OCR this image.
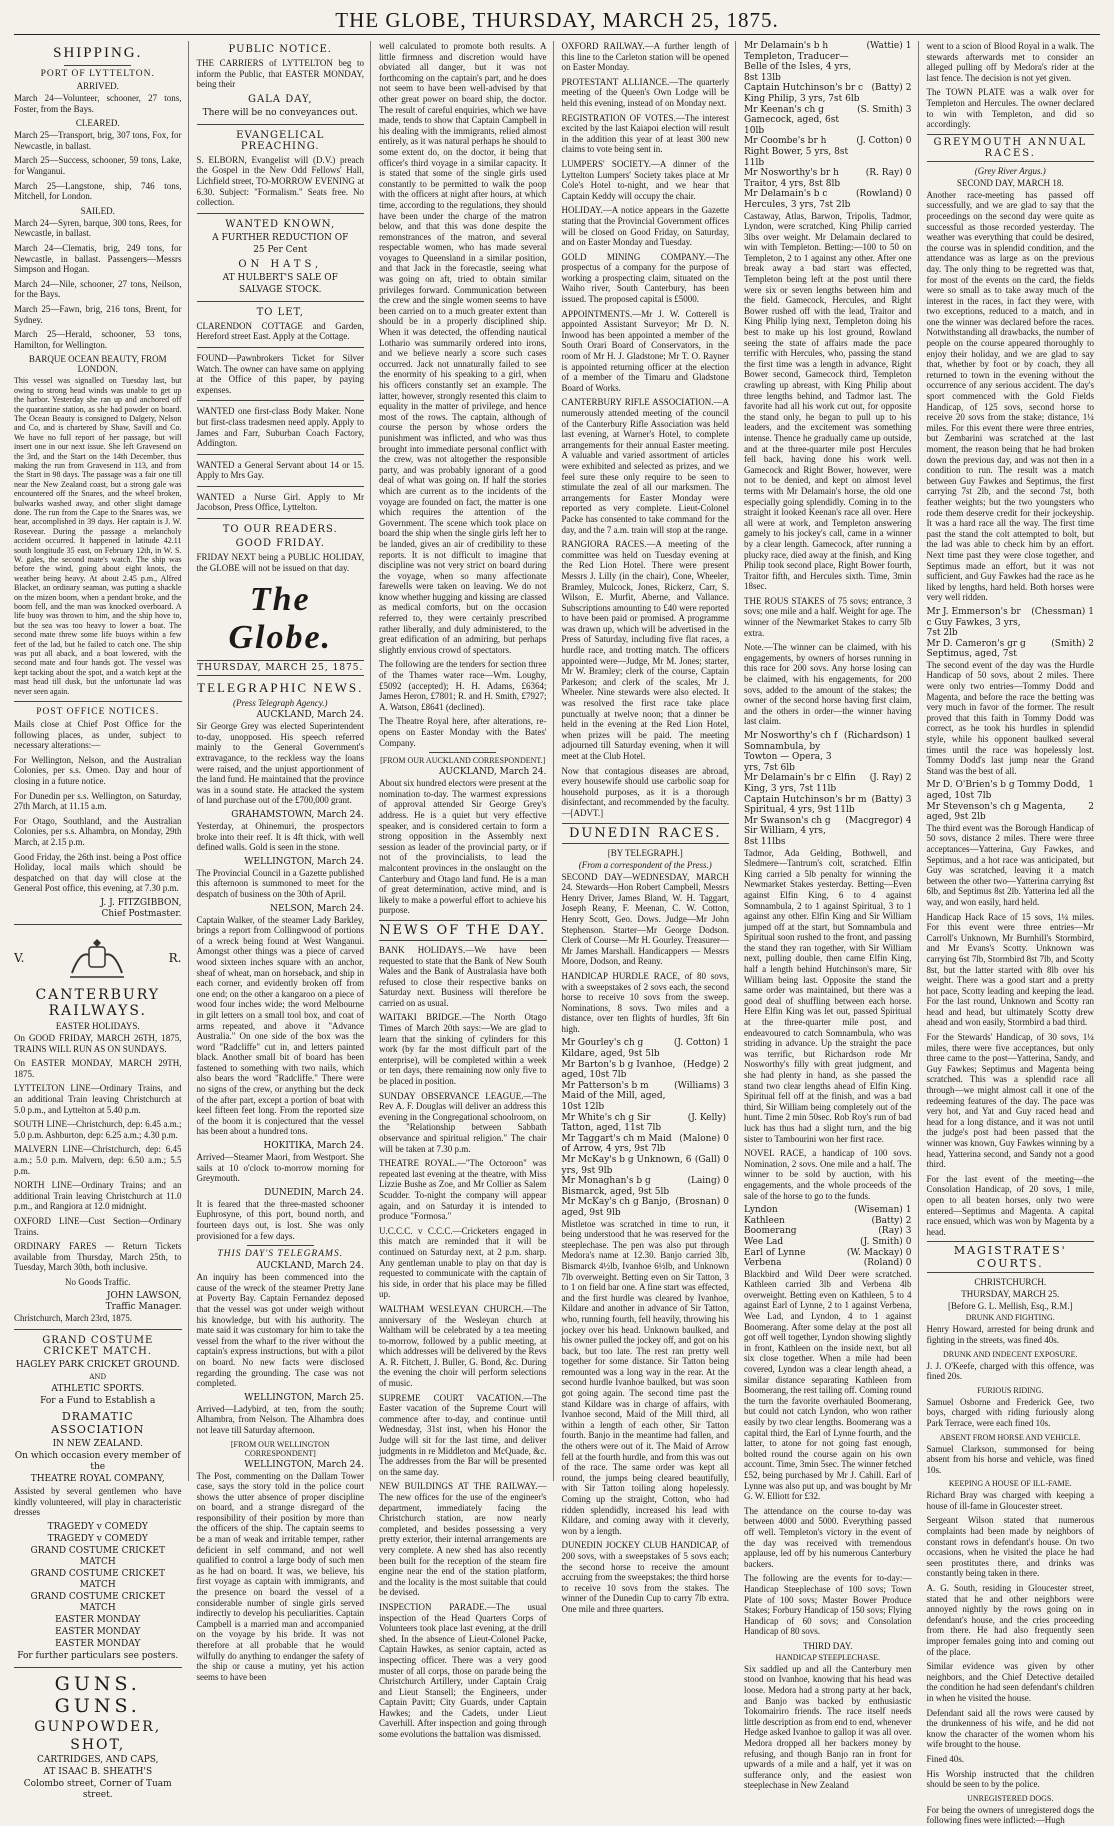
THE GLOBE, THURSDAY, MARCH 25, 1875.
SHIPPING.
PORT OF LYTTELTON.
ARRIVED.

March 24—Volunteer, schooner, 27 tons, Foster, from the Bays.

CLEARED.

March 25—Transport, brig, 307 tons, Fox, for Newcastle, in ballast.

March 25—Success, schooner, 59 tons, Lake, for Wanganui.

March 25—Langstone, ship, 746 tons, Mitchell, for London.

SAILED.

March 24—Syren, barque, 300 tons, Rees, for Newcastle, in ballast.

March 24—Clematis, brig, 249 tons, for Newcastle, in ballast. Passengers—Messrs Simpson and Hogan.

March 24—Nile, schooner, 27 tons, Neilson, for the Bays.

March 25—Fawn, brig, 216 tons, Brent, for Sydney.

March 25—Herald, schooner, 53 tons, Hamilton, for Wellington.

BARQUE OCEAN BEAUTY, FROM LONDON.

This vessel was signalled on Tuesday last, but owing to strong head winds was unable to get up the harbor. Yesterday she ran up and anchored off the quarantine station, as she had powder on board. The Ocean Beauty is consigned to Dalgety, Nelson and Co, and is chartered by Shaw, Savill and Co. We have no full report of her passage, but will insert one in our next issue. She left Gravesend on the 3rd, and the Start on the 14th December, thus making the run from Gravesend in 113, and from the Start in 98 days. The passage was a fair one till near the New Zealand coast, but a strong gale was encountered off the Snares, and the wheel broken, bulwarks washed away, and other slight damage done. The run from the Cape to the Snares was, we hear, accomplished in 39 days. Her captain is J. W. Rosevear. During the passage a melancholy accident occurred. It happened in latitude 42.11 south longitude 35 east, on February 12th, in W. S. W. gales, the second mate's watch. The ship was before the wind, going about eight knots, the weather being heavy. At about 2.45 p.m., Alfred Blacket, an ordinary seaman, was putting a shackle on the mizen boom, when a pendant broke, and the boom fell, and the man was knocked overboard. A life buoy was thrown to him, and the ship hove to, but the sea was too heavy to lower a boat. The second mate threw some life buoys within a few feet of the lad, but he failed to catch one. The ship was put all aback, and a boat lowered, with the second mate and four hands got. The vessel was kept tacking about the spot, and a watch kept at the mast head till dusk, but the unfortunate lad was never seen again.

POST OFFICE NOTICES.

Mails close at Chief Post Office for the following places, as under, subject to necessary alterations:—

For Wellington, Nelson, and the Australian Colonies, per s.s. Omeo. Day and hour of closing in a future notice.

For Dunedin per s.s. Wellington, on Saturday, 27th March, at 11.15 a.m.

For Otago, Southland, and the Australian Colonies, per s.s. Alhambra, on Monday, 29th March, at 2.15 p.m.

Good Friday, the 26th inst. being a Post office Holiday, local mails which should be despatched on that day will close at the General Post office, this evening, at 7.30 p.m.

J. J. FITZGIBBON,
Chief Postmaster.
V.	R.
CANTERBURY RAILWAYS.
EASTER HOLIDAYS.

On GOOD FRIDAY, MARCH 26TH, 1875, TRAINS WILL RUN AS ON SUNDAYS.

On EASTER MONDAY, MARCH 29TH, 1875.

LYTTELTON LINE—Ordinary Trains, and an additional Train leaving Christchurch at 5.0 p.m., and Lyttelton at 5.40 p.m.

SOUTH LINE—Christchurch, dep: 6.45 a.m.; 5.0 p.m. Ashburton, dep: 6.25 a.m.; 4.30 p.m.

MALVERN LINE—Christchurch, dep: 6.45 a.m.; 5.0 p.m. Malvern, dep: 6.50 a.m.; 5.5 p.m.

NORTH LINE—Ordinary Trains; and an additional Train leaving Christchurch at 11.0 p.m., and Rangiora at 12.0 midnight.

OXFORD LINE—Cust Section—Ordinary Trains.

ORDINARY FARES — Return Tickets available from Thursday, March 25th, to Tuesday, March 30th, both inclusive.

No Goods Traffic.

JOHN LAWSON,
Traffic Manager.

Christchurch, March 23rd, 1875.

GRAND COSTUME CRICKET MATCH.
HAGLEY PARK CRICKET GROUND.
AND
ATHLETIC SPORTS.
For a Fund to Establish a
DRAMATIC ASSOCIATION
IN NEW ZEALAND.
On which occasion every member of the
THEATRE ROYAL COMPANY,

Assisted by several gentlemen who have kindly volunteered, will play in characteristic dresses

TRAGEDY v COMEDY
TRAGEDY v COMEDY
GRAND COSTUME CRICKET MATCH
GRAND COSTUME CRICKET MATCH
GRAND COSTUME CRICKET MATCH
EASTER MONDAY
EASTER MONDAY
EASTER MONDAY
For further particulars see posters.
GUNS. GUNS.
GUNPOWDER,
SHOT,
CARTRIDGES, AND CAPS,
AT ISAAC B. SHEATH'S
Colombo street, Corner of Tuam street.
PUBLIC NOTICE.

THE CARRIERS of LYTTELTON beg to inform the Public, that EASTER MONDAY, being their

GALA DAY,
There will be no conveyances out.
EVANGELICAL PREACHING.

S. ELBORN, Evangelist will (D.V.) preach the Gospel in the New Odd Fellows' Hall, Lichfield street, TO-MORROW EVENING at 6.30. Subject: "Formalism." Seats free. No collection.

WANTED KNOWN,
A FURTHER REDUCTION OF
25 Per Cent
ON HATS,
AT HULBERT'S SALE OF
SALVAGE STOCK.
TO LET,

CLARENDON COTTAGE and Garden, Hereford street East. Apply at the Cottage.

FOUND—Pawnbrokers Ticket for Silver Watch. The owner can have same on applying at the Office of this paper, by paying expenses.

WANTED one first-class Body Maker. None but first-class tradesmen need apply. Apply to James and Farr, Suburban Coach Factory, Addington.

WANTED a General Servant about 14 or 15. Apply to Mrs Gay.

WANTED a Nurse Girl. Apply to Mr Jacobson, Press Office, Lyttelton.

TO OUR READERS.
GOOD FRIDAY.

FRIDAY NEXT being a PUBLIC HOLIDAY, the GLOBE will not be issued on that day.

The Globe.
THURSDAY, MARCH 25, 1875.
TELEGRAPHIC NEWS.
(Press Telegraph Agency.)
AUCKLAND, March 24.

Sir George Grey was elected Superintendent to-day, unopposed. His speech referred mainly to the General Government's extravagance, to the reckless way the loans were raised, and the unjust apportionment of the land fund. He maintained that the province was in a sound state. He attacked the system of land purchase out of the £700,000 grant.

GRAHAMSTOWN, March 24.

Yesterday, at Ohinemuri, the prospectors broke into their reef. It is 4ft thick, with well defined walls. Gold is seen in the stone.

WELLINGTON, March 24.

The Provincial Council in a Gazette published this afternoon is summoned to meet for the despatch of business on the 30th of April.

NELSON, March 24.

Captain Walker, of the steamer Lady Barkley, brings a report from Collingwood of portions of a wreck being found at West Wanganui. Amongst other things was a piece of carved wood sixteen inches square with an anchor, sheaf of wheat, man on horseback, and ship in each corner, and evidently broken off from one end; on the other a kangaroo on a piece of wood four inches wide; the word Melbourne in gilt letters on a small tool box, and coat of arms repeated, and above it "Advance Australia." On one side of the box was the word "Radcliffe" cut in, and letters painted black. Another small bit of board has been fastened to something with two nails, which also bears the word "Radcliffe." There were no signs of the crew, or anything but the deck of the after part, except a portion of boat with keel fifteen feet long. From the reported size of the boom it is conjectured that the vessel has been about a hundred tons.

HOKITIKA, March 24.

Arrived—Steamer Maori, from Westport. She sails at 10 o'clock to-morrow morning for Greymouth.

DUNEDIN, March 24.

It is feared that the three-masted schooner Euphrosyne, of this port, bound north, and fourteen days out, is lost. She was only provisioned for a few days.

THIS DAY'S TELEGRAMS.
AUCKLAND, March 24.

An inquiry has been commenced into the cause of the wreck of the steamer Pretty Jane at Poverty Bay. Captain Fernandez deposed that the vessel was got under weigh without his knowledge, but with his authority. The mate said it was customary for him to take the vessel from the wharf to the river without the captain's express instructions, but with a pilot on board. No new facts were disclosed regarding the grounding. The case was not completed.

WELLINGTON, March 25.

Arrived—Ladybird, at ten, from the south; Alhambra, from Nelson. The Alhambra does not leave till Saturday afternoon.

[FROM OUR WELLINGTON CORRESPONDENT]
WELLINGTON, March 24.

The Post, commenting on the Dallam Tower case, says the story told in the police court shows the utter absence of proper discipline on board, and a strange disregard of the responsibility of their position by more than the officers of the ship. The captain seems to be a man of weak and irritable temper, rather deficient in self command, and not well qualified to control a large body of such men as he had on board. It was, we believe, his first voyage as captain with immigrants, and the presence on board the vessel of a considerable number of single girls served indirectly to develop his peculiarities. Captain Campbell is a married man and accompanied on the voyage by his bride. It was not therefore at all probable that he would wilfully do anything to endanger the safety of the ship or cause a mutiny, yet his action seems to have been

well calculated to promote both results. A little firmness and discretion would have obviated all danger, but it was not forthcoming on the captain's part, and he does not seem to have been well-advised by that other great power on board ship, the doctor. The result of careful enquiries, which we have made, tends to show that Captain Campbell in his dealing with the immigrants, relied almost entirely, as it was natural perhaps he should to some extent do, on the doctor, it being that officer's third voyage in a similar capacity. It is stated that some of the single girls used constantly to be permitted to walk the poop with the officers at night after hours, at which time, according to the regulations, they should have been under the charge of the matron below, and that this was done despite the remonstrances of the matron, and several respectable women, who has made several voyages to Queensland in a similar position, and that Jack in the forecastle, seeing what was going on aft, tried to obtain similar privileges forward. Communication between the crew and the single women seems to have been carried on to a much greater extent than should be in a properly disciplined ship. When it was detected, the offending nautical Lothario was summarily ordered into irons, and we believe nearly a score such cases occurred. Jack not unnaturally failed to see the enormity of his speaking to a girl, when his officers constantly set an example. The latter, however, strongly resented this claim to equality in the matter of privilege, and hence most of the rows. The captain, although of course the person by whose orders the punishment was inflicted, and who was thus brought into immediate personal conflict with the crew, was not altogether the responsible party, and was probably ignorant of a good deal of what was going on. If half the stories which are current as to the incidents of the voyage are founded on fact, the matter is one which requires the attention of the Government. The scene which took place on board the ship when the single girls left her to be landed, gives an air of credibility to these reports. It is not difficult to imagine that discipline was not very strict on board during the voyage, when so many affectionate farewells were taken on leaving. We do not know whether hugging and kissing are classed as medical comforts, but on the occasion referred to, they were certainly prescribed rather liberally, and duly administered, to the great edification of an admiring, but perhaps slightly envious crowd of spectators.

The following are the tenders for section three of the Thames water race—Wm. Loughy, £5092 (accepted); H. H. Adams, £6364; James Heron, £7801; R. and H. Smith, £7927; A. Watson, £8641 (declined).

The Theatre Royal here, after alterations, re-opens on Easter Monday with the Bates' Company.

[FROM OUR AUCKLAND CORRESPONDENT.]
AUCKLAND, March 24.

About six hundred electors were present at the nomination to-day. The warmest expressions of approval attended Sir George Grey's address. He is a quiet but very effective speaker, and is considered certain to form a strong opposition in the Assembly next session as leader of the provincial party, or if not of the provincialists, to lead the malcontent provinces in the onslaught on the Canterbury and Otago land fund. He is a man of great determination, active mind, and is likely to make a powerful effort to achieve his purpose.

NEWS OF THE DAY.

BANK HOLIDAYS.—We have been requested to state that the Bank of New South Wales and the Bank of Australasia have both refused to close their respective banks on Saturday next. Business will therefore be carried on as usual.

WAITAKI BRIDGE.—The North Otago Times of March 20th says:—We are glad to learn that the sinking of cylinders for this work (by far the most difficult part of the enterprise), will be completed within a week or ten days, there remaining now only five to be placed in position.

SUNDAY OBSERVANCE LEAGUE.—The Rev A. F. Douglas will deliver an address this evening in the Congregational schoolroom, on the "Relationship between Sabbath observance and spiritual religion." The chair will be taken at 7.30 p.m.

THEATRE ROYAL.—"The Octoroon" was repeated last evening at the theatre, with Miss Lizzie Bushe as Zoe, and Mr Collier as Salem Scudder. To-night the company will appear again, and on Saturday it is intended to produce "Formosa."

U.C.C.C. v C.C.C.—Cricketers engaged in this match are reminded that it will be continued on Saturday next, at 2 p.m. sharp. Any gentleman unable to play on that day is requested to communicate with the captain of his side, in order that his place may be filled up.

WALTHAM WESLEYAN CHURCH.—The anniversary of the Wesleyan church at Waltham will be celebrated by a tea meeting to-morrow, followed by a public meeting, at which addresses will be delivered by the Revs A. R. Fitchett, J. Buller, G. Bond, &c. During the evening the choir will perform selections of music.

SUPREME COURT VACATION.—The Easter vacation of the Supreme Court will commence after to-day, and continue until Wednesday, 31st inst, when his Honor the Judge will sit for the last time, and deliver judgments in re Middleton and McQuade, &c. The addresses from the Bar will be presented on the same day.

NEW BUILDINGS AT THE RAILWAY.—The new offices for the use of the engineer's department, immediately facing the Christchurch station, are now nearly completed, and besides possessing a very pretty exterior, their internal arrangements are very complete. A new shed has also recently been built for the reception of the steam fire engine near the end of the station platform, and the locality is the most suitable that could be devised.

INSPECTION PARADE.—The usual inspection of the Head Quarters Corps of Volunteers took place last evening, at the drill shed. In the absence of Lieut-Colonel Packe, Captain Hawkes, as senior captain, acted as inspecting officer. There was a very good muster of all corps, those on parade being the Christchurch Artillery, under Captain Craig and Lieut Stansell; the Engineers, under Captain Pavitt; City Guards, under Captain Hawkes; and the Cadets, under Lieut Caverhill. After inspection and going through some evolutions the battalion was dismissed.

OXFORD RAILWAY.—A further length of this line to the Carleton station will be opened on Easter Monday.

PROTESTANT ALLIANCE.—The quarterly meeting of the Queen's Own Lodge will be held this evening, instead of on Monday next.

REGISTRATION OF VOTES.—The interest excited by the last Kaiapoi election will result in the addition this year of at least 300 new claims to vote being sent in.

LUMPERS' SOCIETY.—A dinner of the Lyttelton Lumpers' Society takes place at Mr Cole's Hotel to-night, and we hear that Captain Keddy will occupy the chair.

HOLIDAY.—A notice appears in the Gazette stating that the Provincial Government offices will be closed on Good Friday, on Saturday, and on Easter Monday and Tuesday.

GOLD MINING COMPANY.—The prospectus of a company for the purpose of working a prospecting claim, situated on the Waiho river, South Canterbury, has been issued. The proposed capital is £5000.

APPOINTMENTS.—Mr J. W. Cotterell is appointed Assistant Surveyor; Mr D. N. Inwood has been appointed a member of the South Orari Board of Conservators, in the room of Mr H. J. Gladstone; Mr T. O. Rayner is appointed returning officer at the election of a member of the Timaru and Gladstone Board of Works.

CANTERBURY RIFLE ASSOCIATION.—A numerously attended meeting of the council of the Canterbury Rifle Association was held last evening, at Warner's Hotel, to complete arrangements for their annual Easter meeting. A valuable and varied assortment of articles were exhibited and selected as prizes, and we feel sure these only require to be seen to stimulate the zeal of all our marksmen. The arrangements for Easter Monday were reported as very complete. Lieut-Colonel Packe has consented to take command for the day, and the 7 a.m. train will stop at the range.

RANGIORA RACES.—A meeting of the committee was held on Tuesday evening at the Red Lion Hotel. There were present Messrs J. Lilly (in the chair), Cone, Wheeler, Bramley, Mulcock, Jones, Rickerz, Carr, S. Wilson, E. Murfit, Aberne, and Vallance. Subscriptions amounting to £40 were reported to have been paid or promised. A programme was drawn up, which will be advertised in the Press of Saturday, including five flat races, a hurdle race, and trotting match. The officers appointed were—Judge, Mr M. Jones; starter, Mr W. Bramley; clerk of the course, Captain Parkeson; and clerk of the scales, Mr J. Wheeler. Nine stewards were also elected. It was resolved the first race take place punctually at twelve noon; that a dinner be held in the evening at the Red Lion Hotel, when prizes will be paid. The meeting adjourned till Saturday evening, when it will meet at the Club Hotel.

Now that contagious diseases are abroad, every housewife should use carbolic soap for household purposes, as it is a thorough disinfectant, and recommended by the faculty.—[ADVT.]

DUNEDIN RACES.
[BY TELEGRAPH.]
(From a correspondent of the Press.)

SECOND DAY—WEDNESDAY, MARCH 24. Stewards—Hon Robert Campbell, Messrs Henry Driver, James Bland, W. H. Taggart, Joseph Reany, F. Meenan, C. W. Cotton, Henry Scott, Geo. Dows. Judge—Mr John Stephenson. Starter—Mr George Dodson. Clerk of Course—Mr H. Gourley. Treasurer—Mr James Marshall. Handicappers — Messrs Moore, Dodson, and Reany.

HANDICAP HURDLE RACE, of 80 sovs, with a sweepstakes of 2 sovs each, the second horse to receive 10 sovs from the sweep. Nominations, 8 sovs. Two miles and a distance, over ten flights of hurdles, 3ft 6in high.

Mr Gourley's ch g Kildare, aged, 9st 5lb
(J. Cotton) 1
Mr Barton's b g Ivanhoe, aged, 10st 7lb
(Hedge) 2
Mr Patterson's b m Maid of the Mill, aged, 10st 12lb
(Williams) 3
Mr White's ch g Sir Tatton, aged, 11st 7lb
(J. Kelly)
Mr Taggart's ch m Maid of Arrow, 4 yrs, 9st 7lb
(Malone) 0
Mr McKay's b g Unknown, 6 yrs, 9st 9lb
(Gall) 0
Mr Monaghan's b g Bismarck, aged, 9st 5lb
(Laing) 0
Mr McKay's ch g Banjo, aged, 9st 9lb
(Brosnan) 0

Mistletoe was scratched in time to run, it being understood that he was reserved for the steeplechase. The pen was also put through Medora's name at 12.30. Banjo carried 3lb, Bismarck 4½lb, Ivanhoe 6½lb, and Unknown 7lb overweight. Betting even on Sir Tatton, 3 to 1 on field bar one. A fine start was effected, and the first hurdle was cleared by Ivanhoe, Kildare and another in advance of Sir Tatton, who, running fourth, fell heavily, throwing his jockey over his head. Unknown baulked, and his owner pulled the jockey off, and got on his back, but too late. The rest ran pretty well together for some distance. Sir Tatton being remounted was a long way in the rear. At the second hurdle Ivanhoe baulked, but was soon got going again. The second time past the stand Kildare was in charge of affairs, with Ivanhoe second, Maid of the Mill third, all within a length of each other, Sir Tatton fourth. Banjo in the meantime had fallen, and the others were out of it. The Maid of Arrow fell at the fourth hurdle, and from this was out of the race. The same order was kept all round, the jumps being cleared beautifully, with Sir Tatton toiling along hopelessly. Coming up the straight, Cotton, who had ridden splendidly, increased his lead with Kildare, and coming away with it cleverly, won by a length.

DUNEDIN JOCKEY CLUB HANDICAP, of 200 sovs, with a sweepstakes of 5 sovs each; the second horse to receive the amount accruing from the sweepstakes; the third horse to receive 10 sovs from the stakes. The winner of the Dunedin Cup to carry 7lb extra. One mile and three quarters.

Mr Delamain's b h Templeton, Traducer—Belle of the Isles, 4 yrs, 8st 13lb
(Wattie) 1
Captain Hutchinson's br c King Philip, 3 yrs, 7st 6lb
(Batty) 2
Mr Keenan's ch g Gamecock, aged, 6st 10lb
(S. Smith) 3
Mr Coombe's br h Right Bower, 5 yrs, 8st 11lb
(J. Cotton) 0
Mr Nosworthy's br h Traitor, 4 yrs, 8st 8lb
(R. Ray) 0
Mr Delamain's b c Hercules, 3 yrs, 7st 2lb
(Rowland) 0

Castaway, Atlas, Barwon, Tripolis, Tadmor, Lyndon, were scratched, King Philip carried 3lbs over weight. Mr Delamain declared to win with Templeton. Betting:—100 to 50 on Templeton, 2 to 1 against any other. After one break away a bad start was effected, Templeton being left at the post until there were six or seven lengths between him and the field. Gamecock, Hercules, and Right Bower rushed off with the lead, Traitor and King Philip lying next, Templeton doing his best to make up his lost ground, Rowland seeing the state of affairs made the pace terrific with Hercules, who, passing the stand the first time was a length in advance, Right Bower second, Gamecock third, Templeton crawling up abreast, with King Philip about three lengths behind, and Tadmor last. The favorite had all his work cut out, for opposite the stand only, he began to pull up to his leaders, and the excitement was something intense. Thence he gradually came up outside, and at the three-quarter mile post Hercules fell back, having done his work well. Gamecock and Right Bower, however, were not to be denied, and kept on almost level terms with Mr Delamain's horse, the old one especially going splendidly. Coming in to the straight it looked Keenan's race all over. Here all were at work, and Templeton answering gamely to his jockey's call, came in a winner by a clear length. Gamecock, after running a plucky race, died away at the finish, and King Philip took second place, Right Bower fourth, Traitor fifth, and Hercules sixth. Time, 3min 18sec.

THE ROUS STAKES of 75 sovs; entrance, 3 sovs; one mile and a half. Weight for age. The winner of the Newmarket Stakes to carry 5lb extra.

Note.—The winner can be claimed, with his engagements, by owners of horses running in this race for 200 sovs. Any horse losing can be claimed, with his engagements, for 200 sovs, added to the amount of the stakes; the owner of the second horse having first claim, and the others in order—the winner having last claim.

Mr Nosworthy's ch f Somnambula, by Towton — Opera, 3 yrs, 7st 6lb
(Richardson) 1
Mr Delamain's br c Elfin King, 3 yrs, 7st 11lb
(J. Ray) 2
Captain Hutchinson's br m Spiritual, 4 yrs, 9st 11lb
(Batty) 3
Mr Swanson's ch g Sir William, 4 yrs, 8st 11lbs
(Macgregor) 4

Tadmor, Ada Gelding, Bothwell, and Sledmere—Tantrum's colt, scratched. Elfin King carried a 5lb penalty for winning the Newmarket Stakes yesterday. Betting—Even against Elfin King, 6 to 4 against Somnambula, 2 to 1 against Spiritual, 3 to 1 against any other. Elfin King and Sir William jumped off at the start, but Somnambula and Spiritual soon rushed to the front, and passing the stand they ran together, with Sir William next, pulling double, then came Elfin King, half a length behind Hutchinson's mare, Sir William being last. Opposite the stand the same order was maintained, but there was a good deal of shuffling between each horse. Here Elfin King was let out, passed Spiritual at the three-quarter mile post, and endeavoured to catch Somnambula, who was striding in advance. Up the straight the pace was terrific, but Richardson rode Mr Nosworthy's filly with great judgment, and she had plenty in hand, as she passed the stand two clear lengths ahead of Elfin King. Spiritual fell off at the finish, and was a bad third, Sir William being completely out of the hunt. Time 2 min 50sec. Rob Roy's run of bad luck has thus had a slight turn, and the big sister to Tambourini won her first race.

NOVEL RACE, a handicap of 100 sovs. Nomination, 2 sovs. One mile and a half. The winner to be sold by auction, with his engagements, and the whole proceeds of the sale of the horse to go to the funds.

Lyndon	(Wiseman) 1
Kathleen	(Batty) 2
Boomerang	(Ray) 3
Wee Lad	(J. Smith) 0
Earl of Lynne	(W. Mackay) 0
Verbena	(Roland) 0

Blackbird and Wild Deer were scratched. Kathleen carried 3lb and Verbena 4lb overweight. Betting even on Kathleen, 5 to 4 against Earl of Lynne, 2 to 1 against Verbena, Wee Lad, and Lyndon, 4 to 1 against Boomerang. After some delay at the post all got off well together, Lyndon showing slightly in front, Kathleen on the inside next, but all six close together. When a mile had been covered, Lyndon was a clear length ahead, a similar distance separating Kathleen from Boomerang, the rest tailing off. Coming round the turn the favorite overhauled Boomerang, but could not catch Lyndon, who won rather easily by two clear lengths. Boomerang was a capital third, the Earl of Lynne fourth, and the latter, to atone for not going fast enough, bolted round the course again on his own account. Time, 3min 5sec. The winner fetched £52, being purchased by Mr J. Cahill. Earl of Lynne was also put up, and was bought by Mr G. W. Elliott for £32.

The attendance on the course to-day was between 4000 and 5000. Everything passed off well. Templeton's victory in the event of the day was received with tremendous applause, led off by his numerous Canterbury backers.

The following are the events for to-day:—Handicap Steeplechase of 100 sovs; Town Plate of 100 sovs; Master Bower Produce Stakes; Forbury Handicap of 150 sovs; Flying Handicap of 60 sovs; and Consolation Handicap of 80 sovs.

THIRD DAY.
HANDICAP STEEPLECHASE.

Six saddled up and all the Canterbury men stood on Ivanhoe, knowing that his head was loose. Medora had a strong party at her back, and Banjo was backed by enthusiastic Tokomairiro friends. The race itself needs little description as from end to end, whenever Hedge asked Ivanhoe to gallop it was all over. Medora dropped all her backers money by refusing, and though Banjo ran in front for upwards of a mile and a half, yet it was on sufferance only, and the easiest won steeplechase in New Zealand

went to a scion of Blood Royal in a walk. The stewards afterwards met to consider an alleged pulling off by Medora's rider at the last fence. The decision is not yet given.

The TOWN PLATE was a walk over for Templeton and Hercules. The owner declared to win with Templeton, and did so accordingly.

GREYMOUTH ANNUAL RACES.
(Grey River Argus.)
SECOND DAY, MARCH 18.

Another race-meeting has passed off successfully, and we are glad to say that the proceedings on the second day were quite as successful as those recorded yesterday. The weather was everything that could be desired, the course was in splendid condition, and the attendance was as large as on the previous day. The only thing to be regretted was that, for most of the events on the card, the fields were so small as to take away much of the interest in the races, in fact they were, with two exceptions, reduced to a match, and in one the winner was declared before the races. Notwithstanding all drawbacks, the number of people on the course appeared thoroughly to enjoy their holiday, and we are glad to say that, whether by foot or by coach, they all returned to town in the evening without the occurrence of any serious accident. The day's sport commenced with the Gold Fields Handicap, of 125 sovs, second horse to receive 20 sovs from the stake; distance, 1¼ miles. For this event there were three entries, but Zembarini was scratched at the last moment, the reason being that he had broken down the previous day, and was not then in a condition to run. The result was a match between Guy Fawkes and Septimus, the first carrying 7st 2lb, and the second 7st, both feather weights; but the two youngsters who rode them deserve credit for their jockeyship. It was a hard race all the way. The first time past the stand the colt attempted to bolt, but the lad was able to check him by an effort. Next time past they were close together, and Septimus made an effort, but it was not sufficient, and Guy Fawkes had the race as he liked by lengths, hard held. Both horses were very well ridden.

Mr J. Emmerson's br c Guy Fawkes, 3 yrs, 7st 2lb
(Chessman) 1
Mr D. Cameron's gr g Septimus, aged, 7st
(Smith) 2

The second event of the day was the Hurdle Handicap of 50 sovs, about 2 miles. There were only two entries—Tommy Dodd and Magenta, and before the race the betting was very much in favor of the former. The result proved that this faith in Tommy Dodd was correct, as he took his hurdles in splendid style, while his opponent baulked several times until the race was hopelessly lost. Tommy Dodd's last jump near the Grand Stand was the best of all.

Mr D. O'Brien's b g Tommy Dodd, aged, 10st 7lb
1
Mr Stevenson's ch g Magenta, aged, 9st 2lb
2

The third event was the Borough Handicap of 50 sovs, distance 2 miles. There were three acceptances—Yatterina, Guy Fawkes, and Septimus, and a hot race was anticipated, but Guy was scratched, leaving it a match between the other two—Yatterina carrying 8st 6lb, and Septimus 8st 2lb. Yatterina led all the way, and won easily, hard held.

Handicap Hack Race of 15 sovs, 1¼ miles. For this event were three entries—Mr Carroll's Unknown, Mr Burnhill's Stormbird, and Mr Evans's Scotty. Unknown was carrying 6st 7lb, Stormbird 8st 7lb, and Scotty 8st, but the latter started with 8lb over his weight. There was a good start and a pretty hot pace, Scotty leading and keeping the lead. For the last round, Unknown and Scotty ran head and head, but ultimately Scotty drew ahead and won easily, Stormbird a bad third.

For the Stewards' Handicap, of 30 sovs, 1¼ miles, there were five acceptances, but only three came to the post—Yatterina, Sandy, and Guy Fawkes; Septimus and Magenta being scratched. This was a splendid race all through—we might almost call it one of the redeeming features of the day. The pace was very hot, and Yat and Guy raced head and head for a long distance, and it was not until the judge's post had been passed that the winner was known, Guy Fawkes winning by a head, Yatterina second, and Sandy not a good third.

For the last event of the meeting—the Consolation Handicap, of 20 sovs, 1 mile, open to all beaten horses, only two were entered—Septimus and Magenta. A capital race ensued, which was won by Magenta by a head.

MAGISTRATES' COURTS.
CHRISTCHURCH.
THURSDAY, MARCH 25.
[Before G. L. Mellish, Esq., R.M.]
DRUNK AND FIGHTING.

Henry Howard, arrested for being drunk and fighting in the streets, was fined 40s.

DRUNK AND INDECENT EXPOSURE.

J. J. O'Keefe, charged with this offence, was fined 20s.

FURIOUS RIDING.

Samuel Osborne and Frederick Gee, two boys, charged with riding furiously along Park Terrace, were each fined 10s.

ABSENT FROM HORSE AND VEHICLE.

Samuel Clarkson, summonsed for being absent from his horse and vehicle, was fined 10s.

KEEPING A HOUSE OF ILL-FAME.

Richard Bray was charged with keeping a house of ill-fame in Gloucester street.

Sergeant Wilson stated that numerous complaints had been made by neighbors of constant rows in defendant's house. On two occasions, when he visited the place he had seen prostitutes there, and drinks was constantly being taken in there.

A. G. South, residing in Gloucester street, stated that he and other neighbors were annoyed nightly by the rows going on in defendant's house, and the cries proceeding from there. He had also frequently seen improper females going into and coming out of the place.

Similar evidence was given by other neighbors, and the Chief Detective detailed the condition he had seen defendant's children in when he visited the house.

Defendant said all the rows were caused by the drunkenness of his wife, and he did not know the character of the women whom his wife brought to the house.

Fined 40s.

His Worship instructed that the children should be seen to by the police.

UNREGISTERED DOGS.

For being the owners of unregistered dogs the following fines were inflicted:—Hugh
